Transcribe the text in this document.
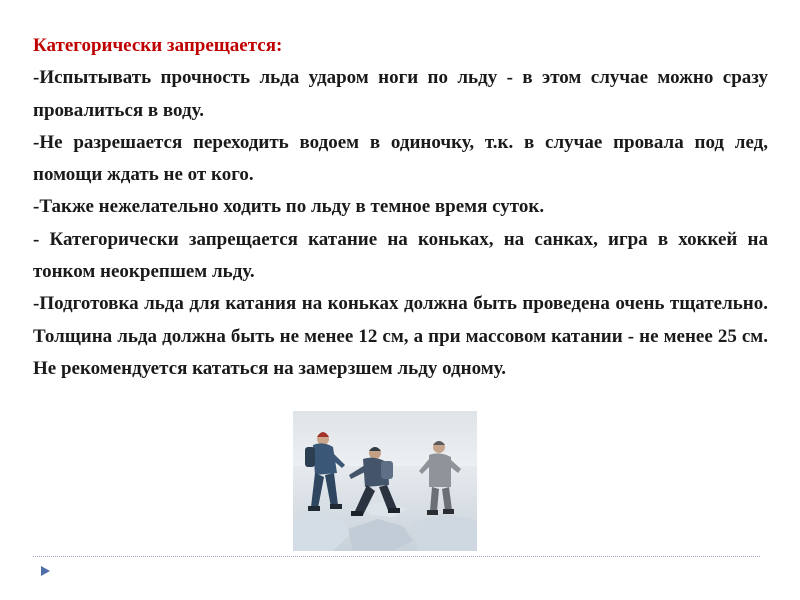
Категорически запрещается:

-Испытывать прочность льда ударом ноги по льду - в этом случае можно сразу провалиться в воду.

-Не разрешается переходить водоем в одиночку, т.к. в случае провала под лед, помощи ждать не от кого.

-Также нежелательно ходить по льду в темное время суток.

- Категорически запрещается катание на коньках, на санках, игра в хоккей на тонком неокрепшем льду.

-Подготовка льда для катания на коньках должна быть проведена очень тщательно. Толщина льда должна быть не менее 12 см, а при массовом катании - не менее 25 см. Не рекомендуется кататься на замерзшем льду одному.
